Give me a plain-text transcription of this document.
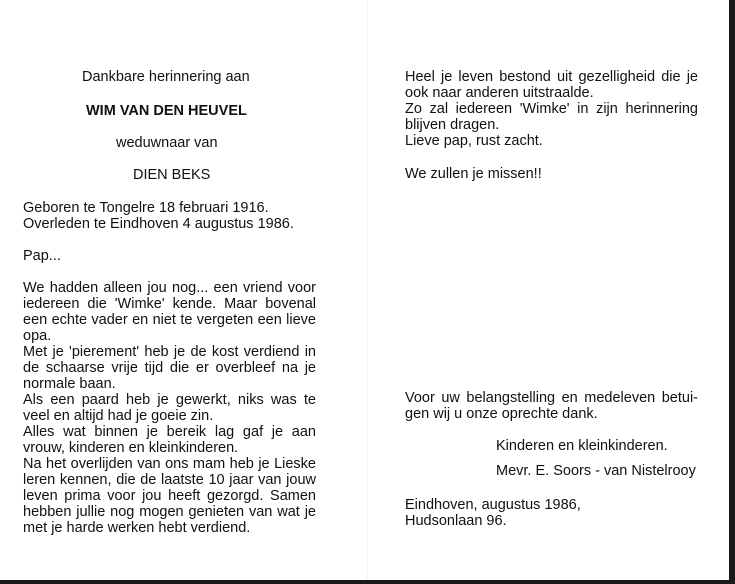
Dankbare herinnering aan

WIM VAN DEN HEUVEL

weduwnaar van

DIEN BEKS

Geboren te Tongelre 18 februari 1916.

Overleden te Eindhoven 4 augustus 1986.

Pap...

We hadden alleen jou nog... een vriend voor
iedereen die 'Wimke' kende. Maar bovenal
een echte vader en niet te vergeten een lieve
opa.
Met je 'pierement' heb je de kost verdiend in
de schaarse vrije tijd die er overbleef na je
normale baan.
Als een paard heb je gewerkt, niks was te
veel en altijd had je goeie zin.
Alles wat binnen je bereik lag gaf je aan
vrouw, kinderen en kleinkinderen.
Na het overlijden van ons mam heb je Lieske
leren kennen, die de laatste 10 jaar van jouw
leven prima voor jou heeft gezorgd. Samen
hebben jullie nog mogen genieten van wat je
met je harde werken hebt verdiend.
Heel je leven bestond uit gezelligheid die je
ook naar anderen uitstraalde.
Zo zal iedereen 'Wimke' in zijn herinnering
blijven dragen.
Lieve pap, rust zacht.

We zullen je missen!!

Voor uw belangstelling en medeleven betui-
gen wij u onze oprechte dank.

Kinderen en kleinkinderen.

Mevr. E. Soors - van Nistelrooy

Eindhoven, augustus 1986,

Hudsonlaan 96.
